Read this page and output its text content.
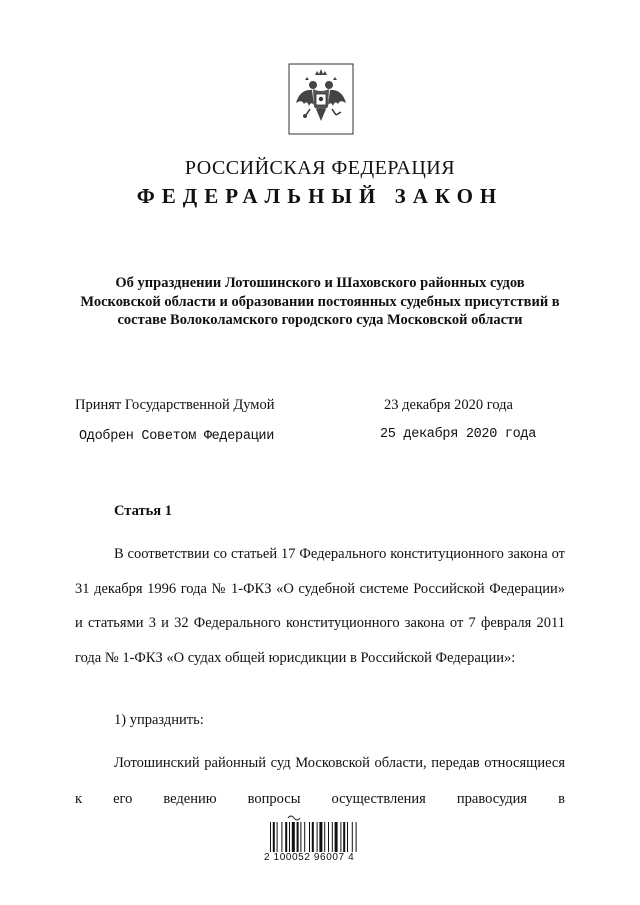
РОССИЙСКАЯ ФЕДЕРАЦИЯ
ФЕДЕРАЛЬНЫЙ ЗАКОН
Об упразднении Лотошинского и Шаховского районных судов Московской области и образовании постоянных судебных присутствий в составе Волоколамского городского суда Московской области
Принят Государственной Думой	23 декабря 2020 года
Одобрен Советом Федерации	25 декабря 2020 года
Статья 1
В соответствии со статьей 17 Федерального конституционного закона от 31 декабря 1996 года № 1-ФКЗ «О судебной системе Российской Федерации» и статьями 3 и 32 Федерального конституционного закона от 7 февраля 2011 года № 1-ФКЗ «О судах общей юрисдикции в Российской Федерации»:
1) упразднить:
Лотошинский районный суд Московской области, передав относящиеся к его ведению вопросы осуществления правосудия в
2 100052 96007 4
